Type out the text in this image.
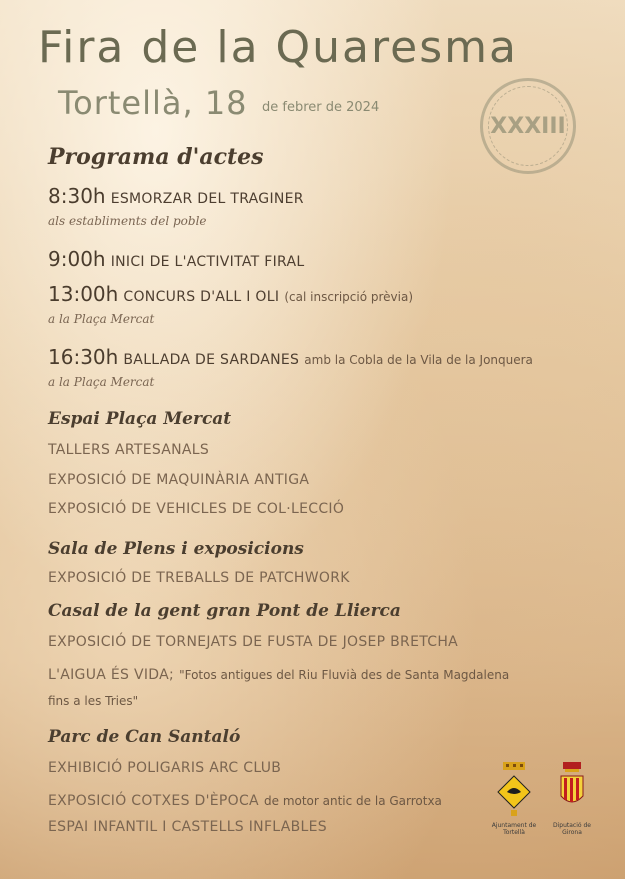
Fira de la Quaresma
Tortellà, 18 de febrer de 2024
XXXIII
Programa d'actes
8:30h ESMORZAR DEL TRAGINER
als establiments del poble
9:00h INICI DE L'ACTIVITAT FIRAL
13:00h CONCURS D'ALL I OLI (cal inscripció prèvia)
a la Plaça Mercat
16:30h BALLADA DE SARDANES amb la Cobla de la Vila de la Jonquera
a la Plaça Mercat
Espai Plaça Mercat
TALLERS ARTESANALS
EXPOSICIÓ DE MAQUINÀRIA ANTIGA
EXPOSICIÓ DE VEHICLES DE COL·LECCIÓ
Sala de Plens i exposicions
EXPOSICIÓ DE TREBALLS DE PATCHWORK
Casal de la gent gran Pont de Llierca
EXPOSICIÓ DE TORNEJATS DE FUSTA DE JOSEP BRETCHA
L'AIGUA ÉS VIDA; "Fotos antigues del Riu Fluvià des de Santa Magdalena
fins a les Tries"
Parc de Can Santaló
EXHIBICIÓ POLIGARIS ARC CLUB
EXPOSICIÓ COTXES D'ÈPOCA de motor antic de la Garrotxa
ESPAI INFANTIL I CASTELLS INFLABLES	Ajuntament de
Tortellà
Diputació de
Girona
